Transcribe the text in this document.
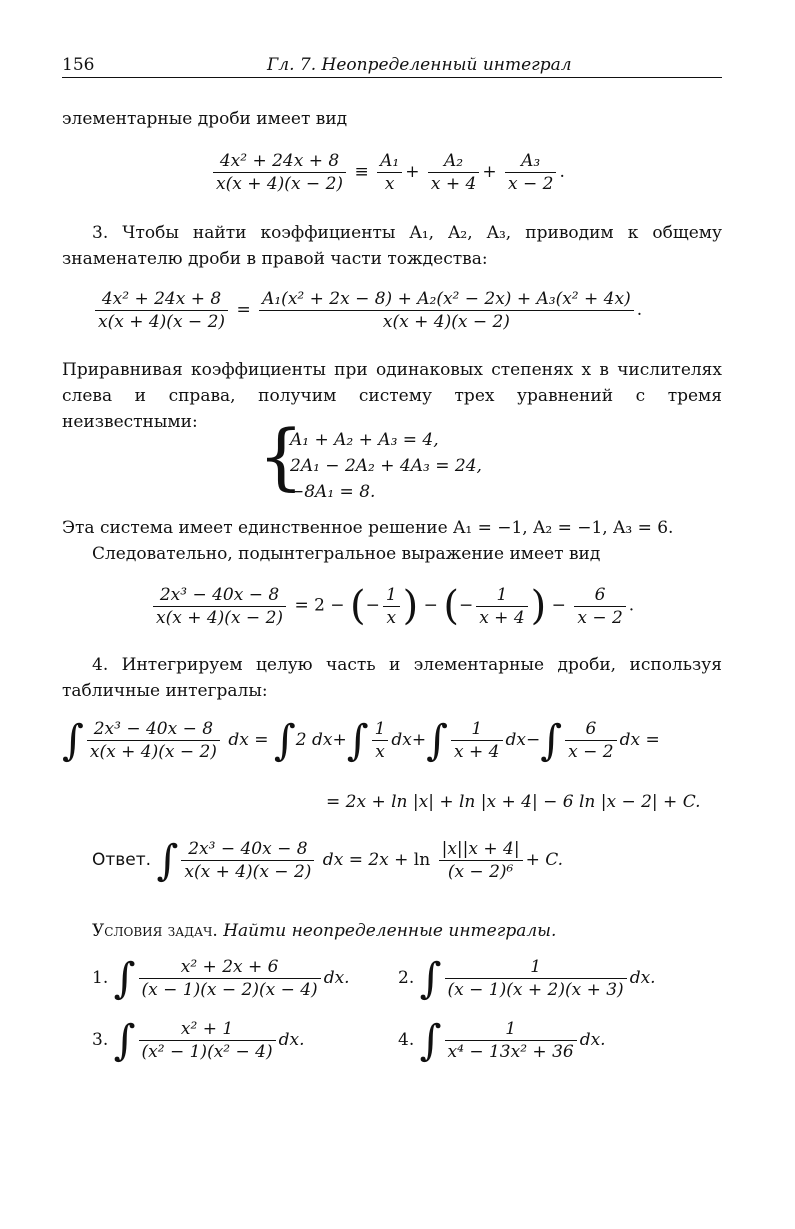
156	Гл. 7. Неопределенный интеграл
элементарные дроби имеет вид
$\frac{\text{4x² + 24x + 8}}{x(x + 4)(x - 2)} \equiv \frac{\text{A₁}}{x} + \frac{\text{A₂}}{x + 4} + \frac{\text{A₃}}{x - 2}$ .
3. Чтобы найти коэффициенты A₁, A₂, A₃, приводим к общему знаменателю дроби в правой части тождества:
$\frac{\text{4x² + 24x + 8}}{x(x + 4)(x - 2)} = \frac{\text{A₁(x² + 2x − 8) + A₂(x² − 2x) + A₃(x² + 4x)}}{x(x + 4)(x - 2)}$ .
Приравнивая коэффициенты при одинаковых степенях x в числителях слева и справа, получим систему трех уравнений с тремя неизвестными: {
A₁ + A₂ + A₃ = 4,
2A₁ − 2A₂ + 4A₃ = 24,
−8A₁ = 8.
Эта система имеет единственное решение A₁ = −1, A₂ = −1, A₃ = 6.
Следовательно, подынтегральное выражение имеет вид
$\frac{\text{2x³ − 40x − 8}}{x(x + 4)(x - 2)} = 2$ − (− $\frac{1}{x}$ ) − (− $\frac{1}{x + 4}$ ) − $\frac{6}{x - 2}$ .
4. Интегрируем целую часть и элементарные дроби, используя табличные интегралы:
∫ $\frac{\text{2x³ − 40x − 8}}{x(x + 4)(x - 2)}$ dx = ∫2 $dx+\int \frac{1}{x} dx+\int \frac{1}{x + 4} dx-\int \frac{6}{x - 2}$ dx =
= 2x + ln |x| + ln |x + 4| − 6 ln |x − 2| + C.
Ответ. ∫ $\frac{\text{2x³ − 40x − 8}}{x(x + 4)(x - 2)}$ dx = $2x + \ln \frac{|x||x + 4|}{\text{(x − 2)⁶}} + C$.
Условия задач. Найти неопределенные интегралы.
1. ∫ $\frac{\text{x² + 2x + 6}}{(x - 1)(x - 2)(x - 4)}$ dx.	2. ∫ $\frac{1}{(x - 1)(x + 2)(x + 3)}$ dx.
3. ∫ $\frac{\text{x² + 1}}{\text{(x² − 1)(x² − 4)}}$ dx.	4. ∫ $\frac{1}{\text{x⁴ − 13x² + 36}}$ dx.
